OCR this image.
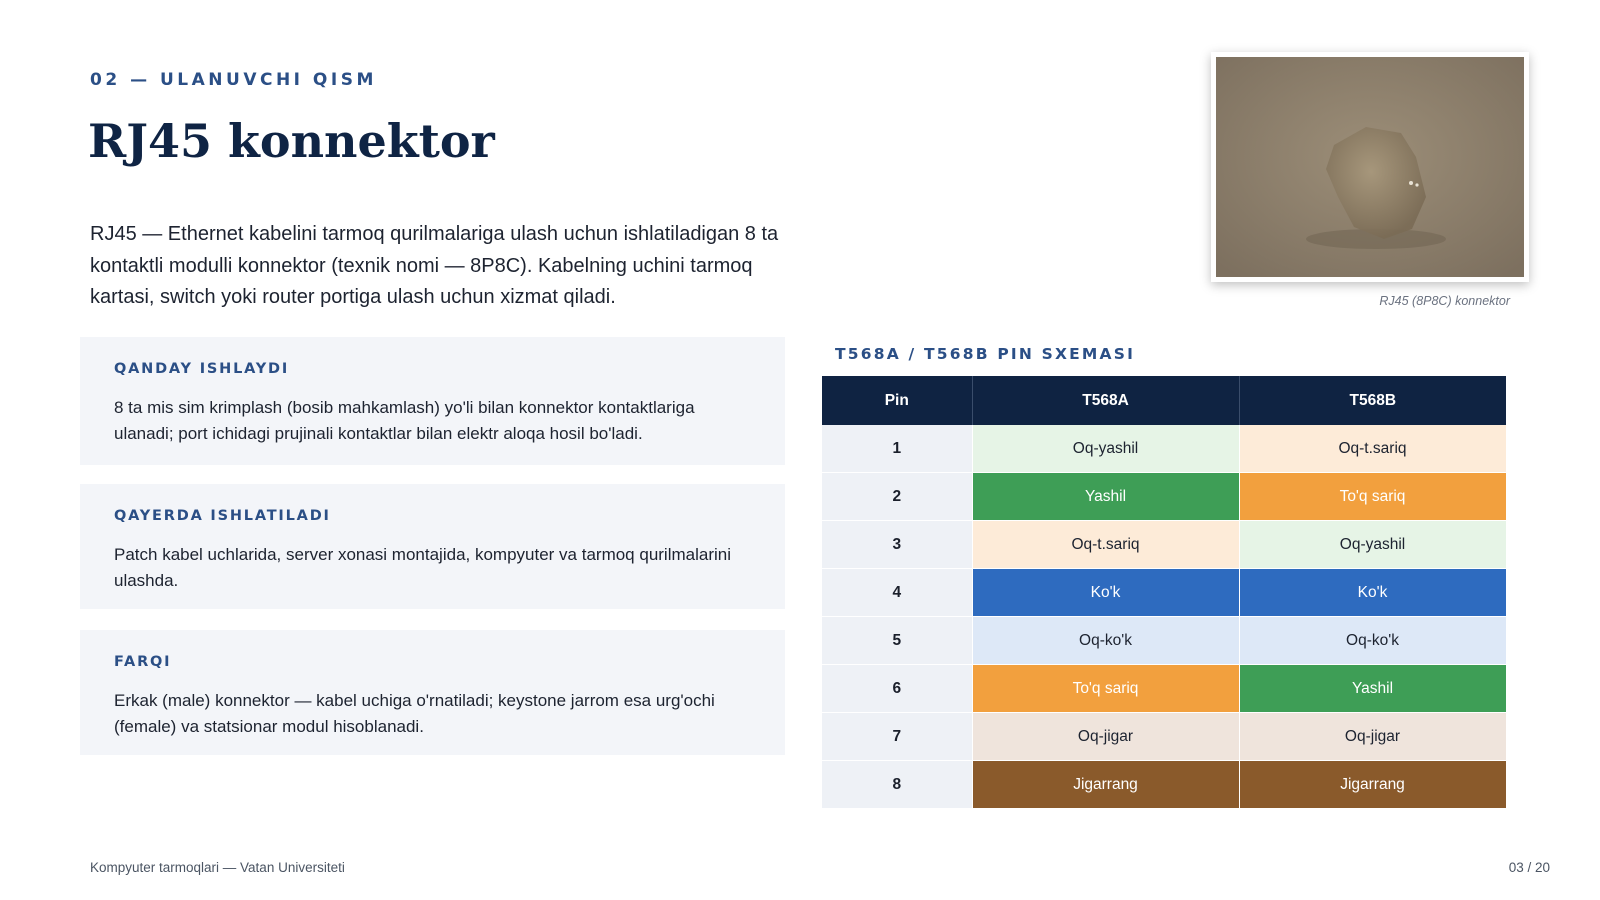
02 — ULANUVCHI QISM
RJ45 konnektor

RJ45 — Ethernet kabelini tarmoq qurilmalariga ulash uchun ishlatiladigan 8 ta kontaktli modulli konnektor (texnik nomi — 8P8C). Kabelning uchini tarmoq kartasi, switch yoki router portiga ulash uchun xizmat qiladi.

QANDAY ISHLAYDI

8 ta mis sim krimplash (bosib mahkamlash) yo'li bilan konnektor kontaktlariga ulanadi; port ichidagi prujinali kontaktlar bilan elektr aloqa hosil bo'ladi.

QAYERDA ISHLATILADI

Patch kabel uchlarida, server xonasi montajida, kompyuter va tarmoq qurilmalarini ulashda.

FARQI

Erkak (male) konnektor — kabel uchiga o'rnatiladi; keystone jarrom esa urg'ochi (female) va statsionar modul hisoblanadi.

RJ45 (8P8C) konnektor
T568A / T568B PIN SXEMASI
Pin	T568A	T568B
1	Oq-yashil	Oq-t.sariq
2	Yashil	To'q sariq
3	Oq-t.sariq	Oq-yashil
4	Ko'k	Ko'k
5	Oq-ko'k	Oq-ko'k
6	To'q sariq	Yashil
7	Oq-jigar	Oq-jigar
8	Jigarrang	Jigarrang
Kompyuter tarmoqlari — Vatan Universiteti	03 / 20
